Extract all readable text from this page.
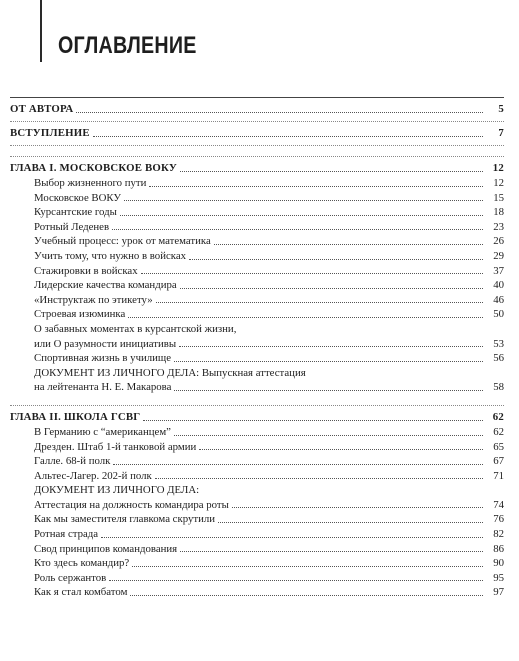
ОГЛАВЛЕНИЕ
ОТ АВТОРА	5
ВСТУПЛЕНИЕ	7
ГЛАВА I. МОСКОВСКОЕ ВОКУ	12
Выбор жизненного пути	12
Московское ВОКУ	15
Курсантские годы	18
Ротный Леденев	23
Учебный процесс: урок от математика	26
Учить тому, что нужно в войсках	29
Стажировки в войсках	37
Лидерские качества командира	40
«Инструктаж по этикету»	46
Строевая изюминка	50
О забавных моментах в курсантской жизни,
или О разумности инициативы	53
Спортивная жизнь в училище	56
ДОКУМЕНТ ИЗ ЛИЧНОГО ДЕЛА: Выпускная аттестация
на лейтенанта Н. Е. Макарова	58
ГЛАВА II. ШКОЛА ГСВГ	62
В Германию с “американцем”	62
Дрезден. Штаб 1-й танковой армии	65
Галле. 68-й полк	67
Альтес-Лагер. 202-й полк	71
ДОКУМЕНТ ИЗ ЛИЧНОГО ДЕЛА:
Аттестация на должность командира роты	74
Как мы заместителя главкома скрутили	76
Ротная страда	82
Свод принципов командования	86
Кто здесь командир?	90
Роль сержантов	95
Как я стал комбатом	97
